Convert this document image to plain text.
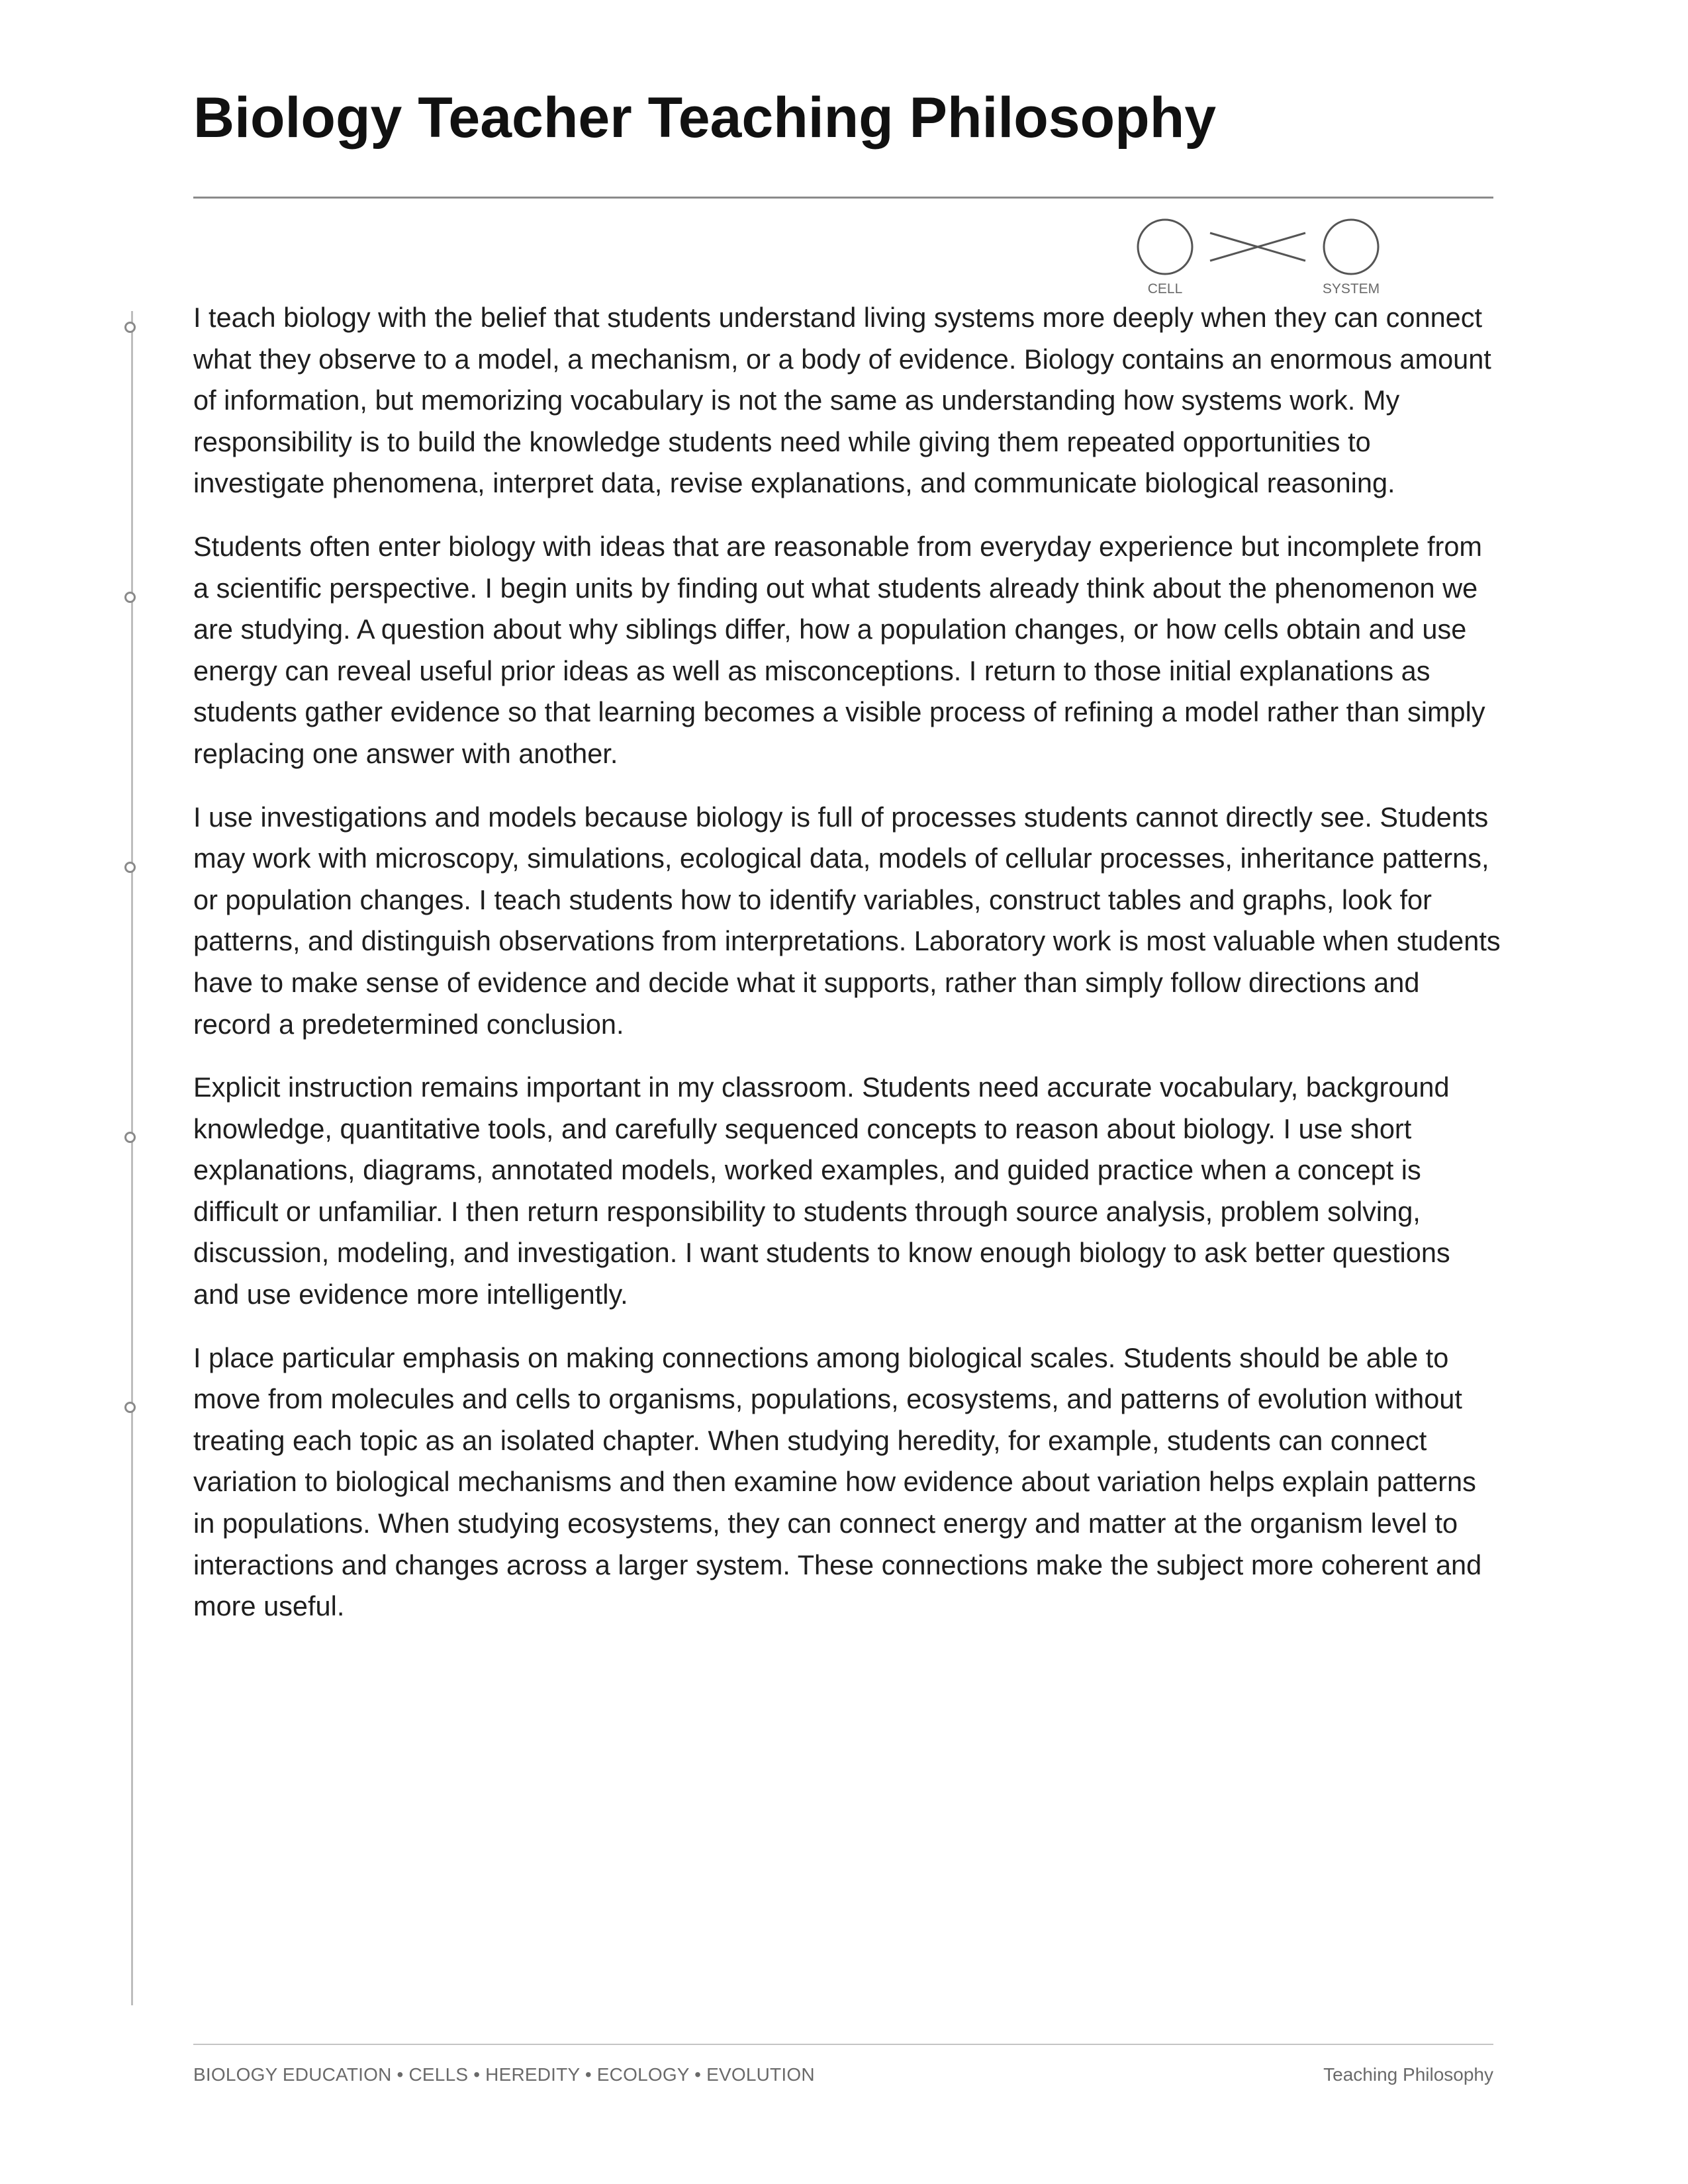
Biology Teacher Teaching Philosophy
CELL	SYSTEM

I teach biology with the belief that students understand living systems more deeply when they can connect what they observe to a model, a mechanism, or a body of evidence. Biology contains an enormous amount of information, but memorizing vocabulary is not the same as understanding how systems work. My responsibility is to build the knowledge students need while giving them repeated opportunities to investigate phenomena, interpret data, revise explanations, and communicate biological reasoning.

Students often enter biology with ideas that are reasonable from everyday experience but incomplete from a scientific perspective. I begin units by finding out what students already think about the phenomenon we are studying. A question about why siblings differ, how a population changes, or how cells obtain and use energy can reveal useful prior ideas as well as misconceptions. I return to those initial explanations as students gather evidence so that learning becomes a visible process of refining a model rather than simply replacing one answer with another.

I use investigations and models because biology is full of processes students cannot directly see. Students may work with microscopy, simulations, ecological data, models of cellular processes, inheritance patterns, or population changes. I teach students how to identify variables, construct tables and graphs, look for patterns, and distinguish observations from interpretations. Laboratory work is most valuable when students have to make sense of evidence and decide what it supports, rather than simply follow directions and record a predetermined conclusion.

Explicit instruction remains important in my classroom. Students need accurate vocabulary, background knowledge, quantitative tools, and carefully sequenced concepts to reason about biology. I use short explanations, diagrams, annotated models, worked examples, and guided practice when a concept is difficult or unfamiliar. I then return responsibility to students through source analysis, problem solving, discussion, modeling, and investigation. I want students to know enough biology to ask better questions and use evidence more intelligently.

I place particular emphasis on making connections among biological scales. Students should be able to move from molecules and cells to organisms, populations, ecosystems, and patterns of evolution without treating each topic as an isolated chapter. When studying heredity, for example, students can connect variation to biological mechanisms and then examine how evidence about variation helps explain patterns in populations. When studying ecosystems, they can connect energy and matter at the organism level to interactions and changes across a larger system. These connections make the subject more coherent and more useful.

BIOLOGY EDUCATION • CELLS • HEREDITY • ECOLOGY • EVOLUTION	Teaching Philosophy
